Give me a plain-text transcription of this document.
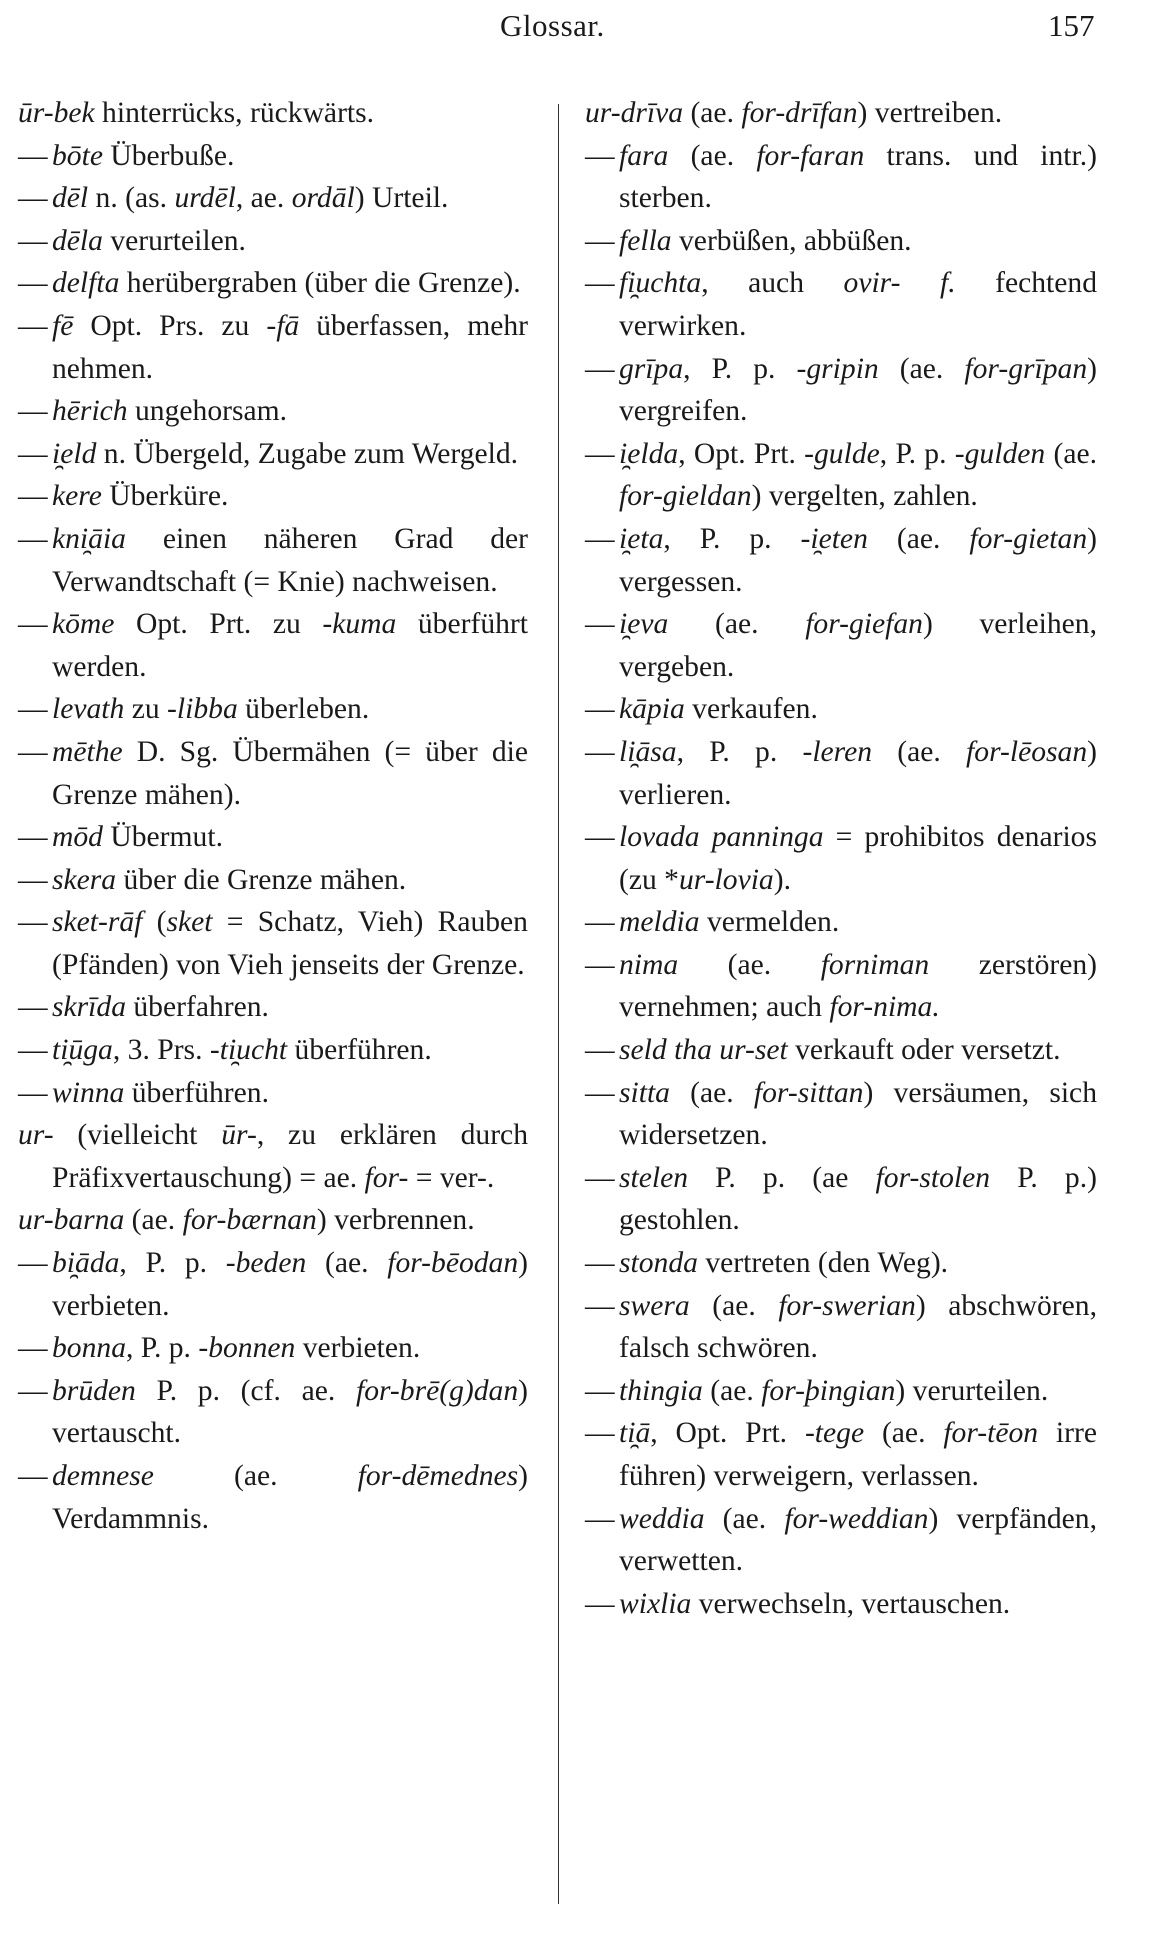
Glossar.	157
ūr-bek hinterrücks, rückwärts.
— bōte Überbuße.
— dēl n. (as. urdēl, ae. ordāl) Urteil.
— dēla verurteilen.
— delfta herübergraben (über die Grenze).
— fē Opt. Prs. zu -fā überfassen, mehr nehmen.
— hērich ungehorsam.
— i̯eld n. Übergeld, Zugabe zum Wergeld.
— kere Überküre.
— kni̯āia einen näheren Grad der Verwandtschaft (= Knie) nachweisen.
— kōme Opt. Prt. zu -kuma überführt werden.
— levath zu -libba überleben.
— mēthe D. Sg. Übermähen (= über die Grenze mähen).
— mōd Übermut.
— skera über die Grenze mähen.
— sket-rāf (sket = Schatz, Vieh) Rauben (Pfänden) von Vieh jenseits der Grenze.
— skrīda überfahren.
— ti̯ūga, 3. Prs. -ti̯ucht überführen.
— winna überführen.
ur- (vielleicht ūr-, zu erklären durch Präfixvertauschung) = ae. for- = ver-.
ur-barna (ae. for-bærnan) verbrennen.
— bi̯āda, P. p. -beden (ae. for-bēodan) verbieten.
— bonna, P. p. -bonnen verbieten.
— brūden P. p. (cf. ae. for-brē(g)dan) vertauscht.
— demnese (ae. for-dēmednes) Verdammnis.
ur-drīva (ae. for-drīfan) vertreiben.
— fara (ae. for-faran trans. und intr.) sterben.
— fella verbüßen, abbüßen.
— fi̯uchta, auch ovir- f. fechtend verwirken.
— grīpa, P. p. -gripin (ae. for-grīpan) vergreifen.
— i̯elda, Opt. Prt. -gulde, P. p. -gulden (ae. for-gieldan) vergelten, zahlen.
— i̯eta, P. p. -i̯eten (ae. for-gietan) vergessen.
— i̯eva (ae. for-giefan) verleihen, vergeben.
— kāpia verkaufen.
— li̯āsa, P. p. -leren (ae. for-lēosan) verlieren.
— lovada panninga = prohibitos denarios (zu *ur-lovia).
— meldia vermelden.
— nima (ae. forniman zerstören) vernehmen; auch for-nima.
— seld tha ur-set verkauft oder versetzt.
— sitta (ae. for-sittan) versäumen, sich widersetzen.
— stelen P. p. (ae for-stolen P. p.) gestohlen.
— stonda vertreten (den Weg).
— swera (ae. for-swerian) abschwören, falsch schwören.
— thingia (ae. for-þingian) verurteilen.
— ti̯ā, Opt. Prt. -tege (ae. for-tēon irre führen) verweigern, verlassen.
— weddia (ae. for-weddian) verpfänden, verwetten.
— wixlia verwechseln, vertauschen.
